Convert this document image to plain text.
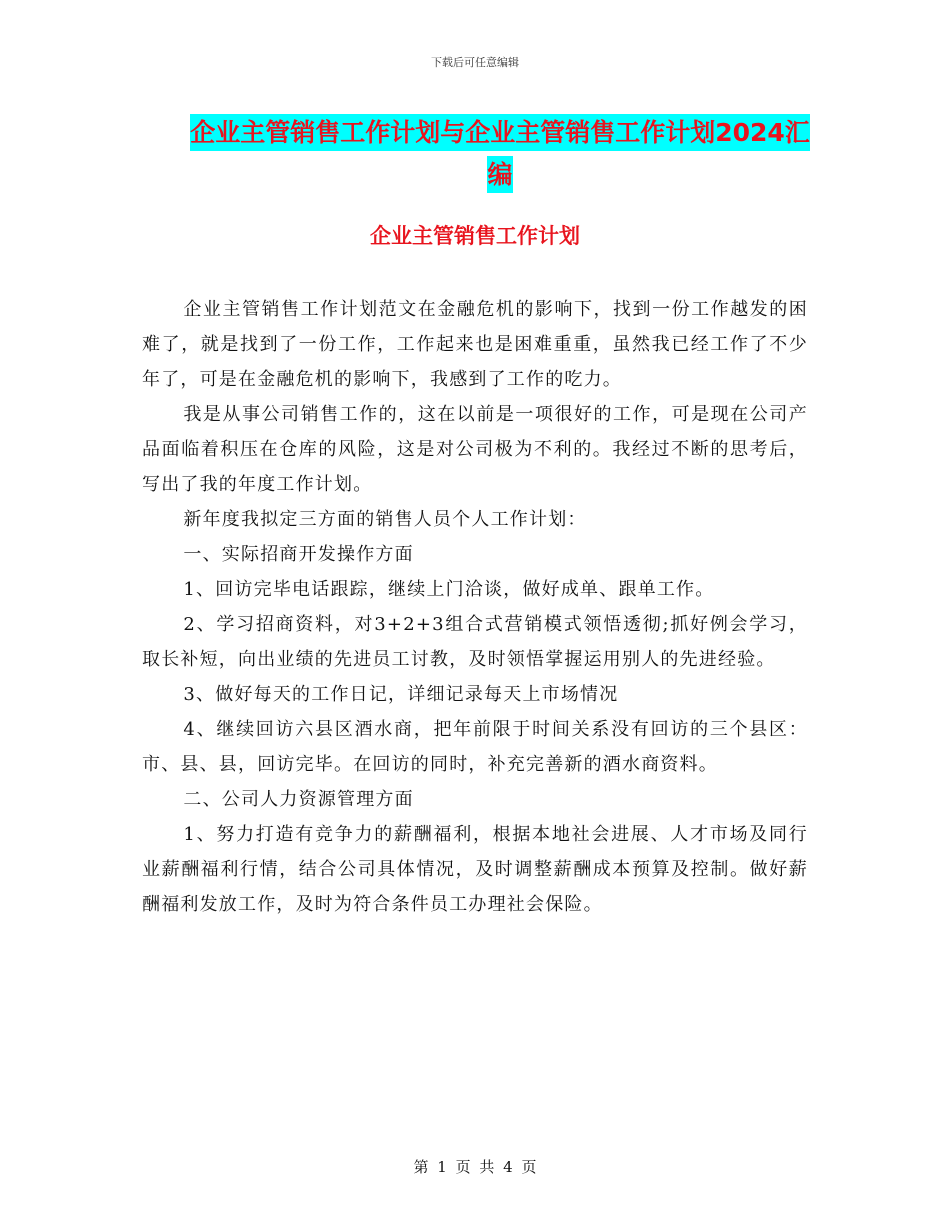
下载后可任意编辑
企业主管销售工作计划与企业主管销售工作计划2024汇编
企业主管销售工作计划

企业主管销售工作计划范文在金融危机的影响下，找到一份工作越发的困难了，就是找到了一份工作，工作起来也是困难重重，虽然我已经工作了不少年了，可是在金融危机的影响下，我感到了工作的吃力。

我是从事公司销售工作的，这在以前是一项很好的工作，可是现在公司产品面临着积压在仓库的风险，这是对公司极为不利的。我经过不断的思考后，写出了我的年度工作计划。

新年度我拟定三方面的销售人员个人工作计划：

一、实际招商开发操作方面

1、回访完毕电话跟踪，继续上门洽谈，做好成单、跟单工作。

2、学习招商资料，对3+2+3组合式营销模式领悟透彻;抓好例会学习，取长补短，向出业绩的先进员工讨教，及时领悟掌握运用别人的先进经验。

3、做好每天的工作日记，详细记录每天上市场情况

4、继续回访六县区酒水商，把年前限于时间关系没有回访的三个县区：市、县、县，回访完毕。在回访的同时，补充完善新的酒水商资料。

二、公司人力资源管理方面

1、努力打造有竞争力的薪酬福利，根据本地社会进展、人才市场及同行业薪酬福利行情，结合公司具体情况，及时调整薪酬成本预算及控制。做好薪酬福利发放工作，及时为符合条件员工办理社会保险。

第 1 页 共 4 页
